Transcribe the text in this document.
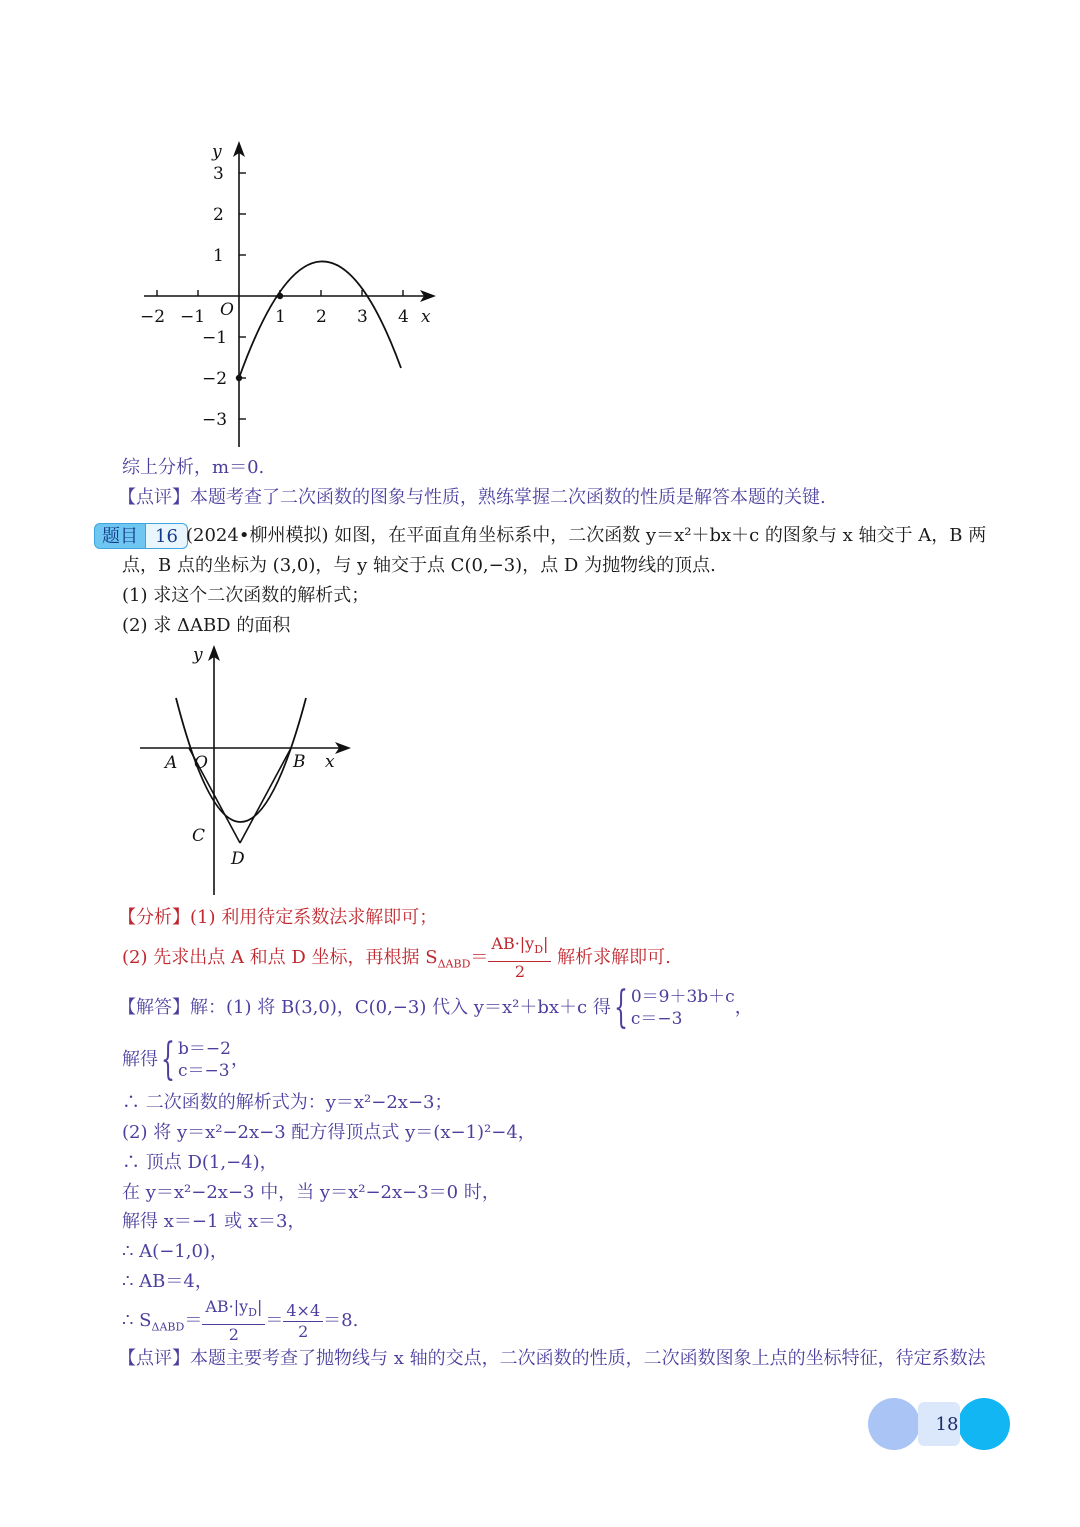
−2 −1	1 2 3 4 x
O
y
3
2
1
−1
−2
−3
综上分析，m＝0.
【点评】本题考查了二次函数的图象与性质，熟练掌握二次函数的性质是解答本题的关键.
题目 16 (2024•柳州模拟) 如图，在平面直角坐标系中，二次函数 y＝x²＋bx＋c 的图象与 x 轴交于 A，B 两
点，B 点的坐标为 (3,0)，与 y 轴交于点 C(0,−3)，点 D 为抛物线的顶点.
(1) 求这个二次函数的解析式；
(2) 求 ΔABD 的面积
y
A O	B x
C
D
【分析】(1) 利用待定系数法求解即可；
(2) 先求出点 A 和点 D 坐标，再根据 $S_{\Delta ABD}= \frac{AB\cdot|y_D|}{2}$ 解析求解即可.
【解答】解：(1) 将 B(3,0)，C(0,−3) 代入 y＝x²＋bx＋c 得{ 0＝9＋3b＋c
c＝−3，
解得{ b＝−2
c＝−3，
∴ 二次函数的解析式为：y＝x²−2x−3；
(2) 将 y＝x²−2x−3 配方得顶点式 y＝(x−1)²−4，
∴ 顶点 D(1,−4)，
在 y＝x²−2x−3 中，当 y＝x²−2x−3＝0 时，
解得 x＝−1 或 x＝3，
∴ A(−1,0)，
∴ AB＝4，
∴ $S_{\Delta ABD}= \frac{AB\cdot|y_D|}{2} = \frac{4\times 4}{2} =8$.
【点评】本题主要考查了抛物线与 x 轴的交点，二次函数的性质，二次函数图象上点的坐标特征，待定系数法
18
